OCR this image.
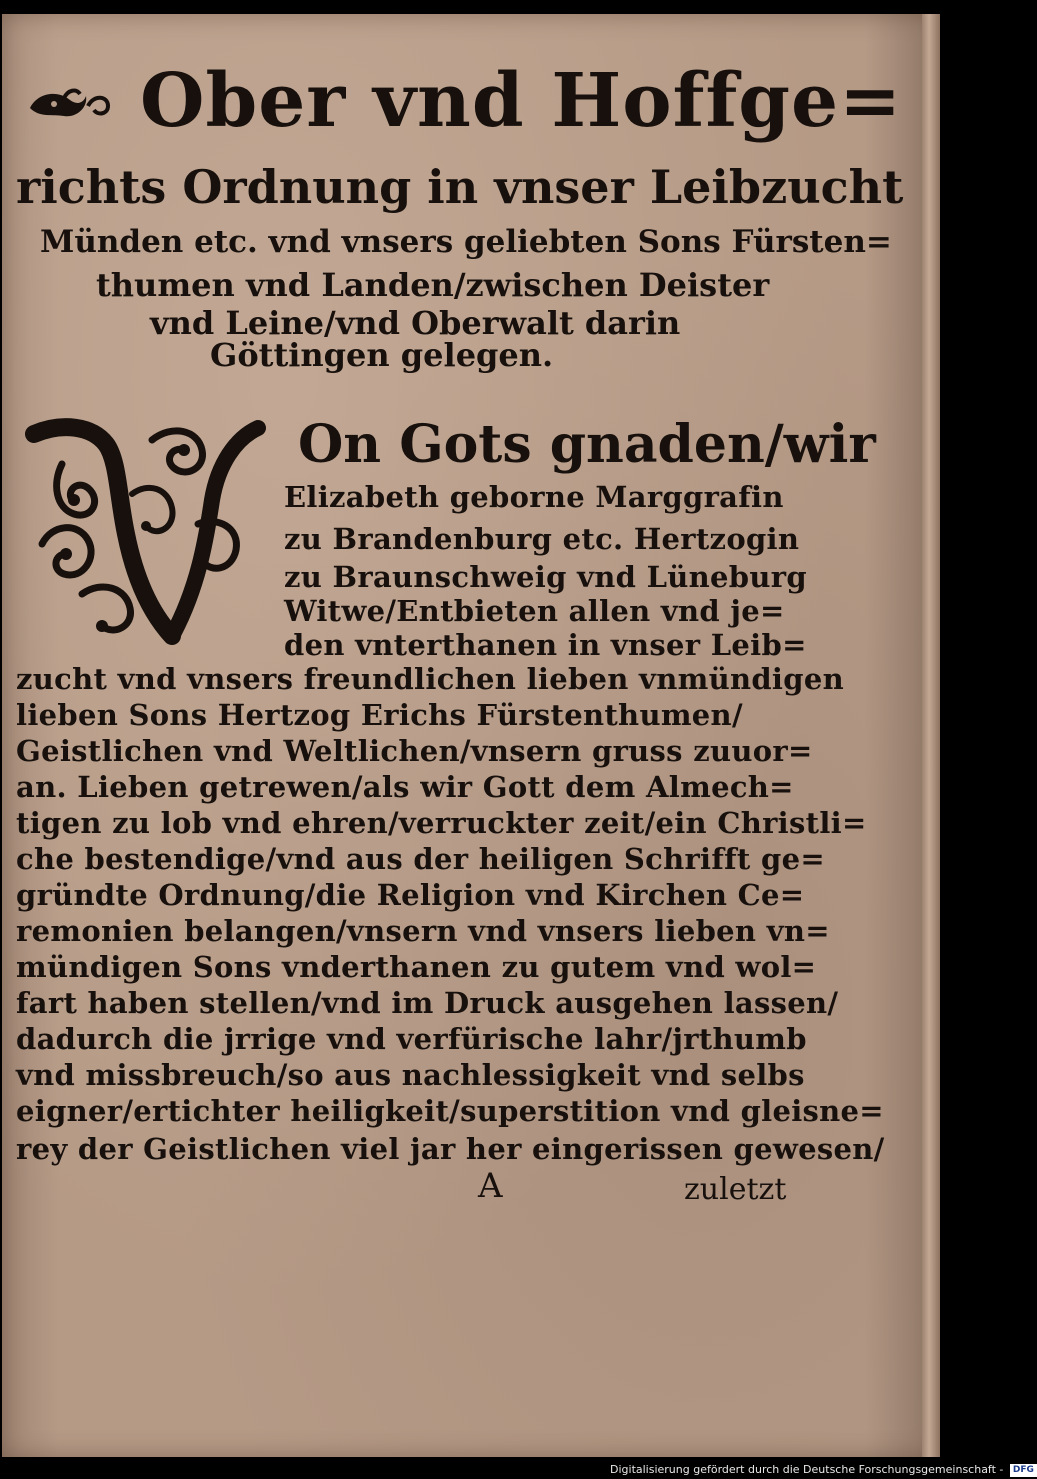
Ober vnd Hoffge=
richts Ordnung in vnser Leibzucht
Münden etc. vnd vnsers geliebten Sons Fürsten=
thumen vnd Landen/zwischen Deister
vnd Leine/vnd Oberwalt darin
Göttingen gelegen.
On Gots gnaden/wir
Elizabeth geborne Marggrafin
zu Brandenburg etc. Hertzogin
zu Braunschweig vnd Lüneburg
Witwe/Entbieten allen vnd je=
den vnterthanen in vnser Leib=
zucht vnd vnsers freundlichen lieben vnmündigen
lieben Sons Hertzog Erichs Fürstenthumen/
Geistlichen vnd Weltlichen/vnsern gruss zuuor=
an. Lieben getrewen/als wir Gott dem Almech=
tigen zu lob vnd ehren/verruckter zeit/ein Christli=
che bestendige/vnd aus der heiligen Schrifft ge=
gründte Ordnung/die Religion vnd Kirchen Ce=
remonien belangen/vnsern vnd vnsers lieben vn=
mündigen Sons vnderthanen zu gutem vnd wol=
fart haben stellen/vnd im Druck ausgehen lassen/
dadurch die jrrige vnd verfürische lahr/jrthumb
vnd missbreuch/so aus nachlessigkeit vnd selbs
eigner/ertichter heiligkeit/superstition vnd gleisne=
rey der Geistlichen viel jar her eingerissen gewesen/
A	zuletzt
Digitalisierung gefördert durch die Deutsche Forschungsgemeinschaft - DFG
